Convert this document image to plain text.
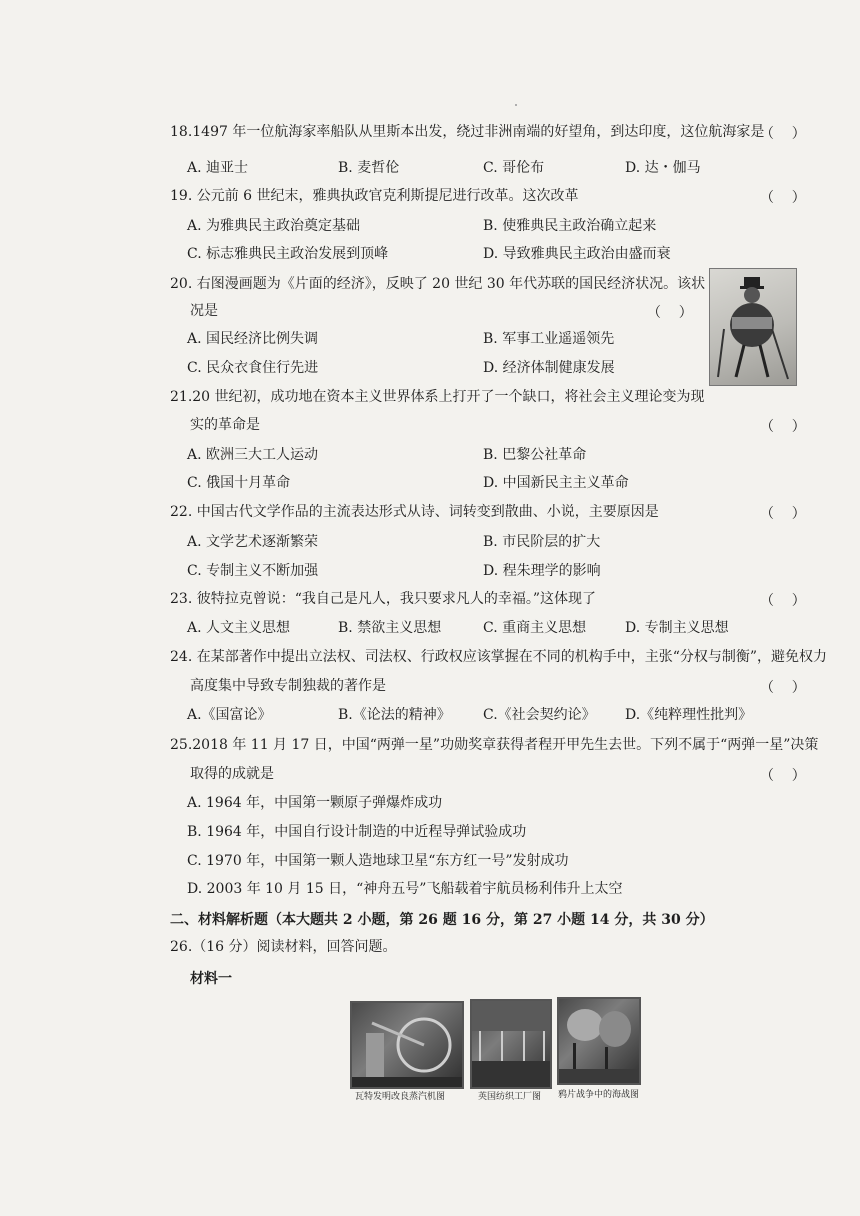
18.1497 年一位航海家率船队从里斯本出发，绕过非洲南端的好望角，到达印度，这位航海家是
（    ）
A. 迪亚士	B. 麦哲伦	C. 哥伦布	D. 达・伽马
19. 公元前 6 世纪末，雅典执政官克利斯提尼进行改革。这次改革	（    ）
A. 为雅典民主政治奠定基础	B. 使雅典民主政治确立起来
C. 标志雅典民主政治发展到顶峰	D. 导致雅典民主政治由盛而衰
20. 右图漫画题为《片面的经济》，反映了 20 世纪 30 年代苏联的国民经济状况。该状
况是	（    ）
A. 国民经济比例失调	B. 军事工业遥遥领先
C. 民众衣食住行先进	D. 经济体制健康发展
21.20 世纪初，成功地在资本主义世界体系上打开了一个缺口，将社会主义理论变为现
实的革命是	（    ）
A. 欧洲三大工人运动	B. 巴黎公社革命
C. 俄国十月革命	D. 中国新民主主义革命
22. 中国古代文学作品的主流表达形式从诗、词转变到散曲、小说，主要原因是	（    ）
A. 文学艺术逐渐繁荣	B. 市民阶层的扩大
C. 专制主义不断加强	D. 程朱理学的影响
23. 彼特拉克曾说：“我自己是凡人，我只要求凡人的幸福。”这体现了	（    ）
A. 人文主义思想	B. 禁欲主义思想	C. 重商主义思想	D. 专制主义思想
24. 在某部著作中提出立法权、司法权、行政权应该掌握在不同的机构手中，主张“分权与制衡”，避免权力
高度集中导致专制独裁的著作是	（    ）
A.《国富论》	B.《论法的精神》 C.《社会契约论》 D.《纯粹理性批判》
25.2018 年 11 月 17 日，中国“两弹一星”功勋奖章获得者程开甲先生去世。下列不属于“两弹一星”决策
取得的成就是	（    ）
A. 1964 年，中国第一颗原子弹爆炸成功
B. 1964 年，中国自行设计制造的中近程导弹试验成功
C. 1970 年，中国第一颗人造地球卫星“东方红一号”发射成功
D. 2003 年 10 月 15 日，“神舟五号”飞船载着宇航员杨利伟升上太空
二、材料解析题（本大题共 2 小题，第 26 题 16 分，第 27 小题 14 分，共 30 分）
26.（16 分）阅读材料，回答问题。
材料一
瓦特发明改良蒸汽机图	英国纺织工厂图 鸦片战争中的海战图
